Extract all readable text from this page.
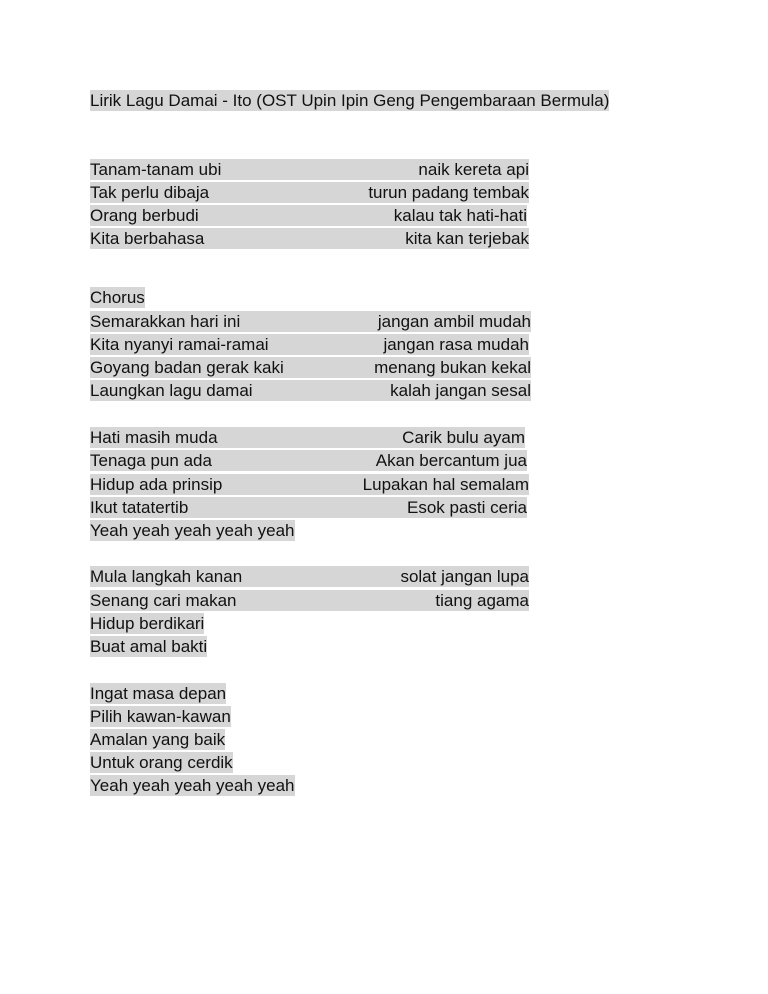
Lirik Lagu Damai - Ito (OST Upin Ipin Geng Pengembaraan Bermula)
Tanam-tanam ubi	naik kereta api
Tak perlu dibaja	turun padang tembak
Orang berbudi	kalau tak hati-hati
Kita berbahasa	kita kan terjebak
Chorus
Semarakkan hari ini	jangan ambil mudah
Kita nyanyi ramai-ramai	jangan rasa mudah
Goyang badan gerak kaki	menang bukan kekal
Laungkan lagu damai	kalah jangan sesal
Hati masih muda	Carik bulu ayam
Tenaga pun ada	Akan bercantum jua
Hidup ada prinsip	Lupakan hal semalam
Ikut tatatertib	Esok pasti ceria
Yeah yeah yeah yeah yeah
Mula langkah kanan	solat jangan lupa
Senang cari makan	tiang agama
Hidup berdikari
Buat amal bakti
Ingat masa depan
Pilih kawan-kawan
Amalan yang baik
Untuk orang cerdik
Yeah yeah yeah yeah yeah
